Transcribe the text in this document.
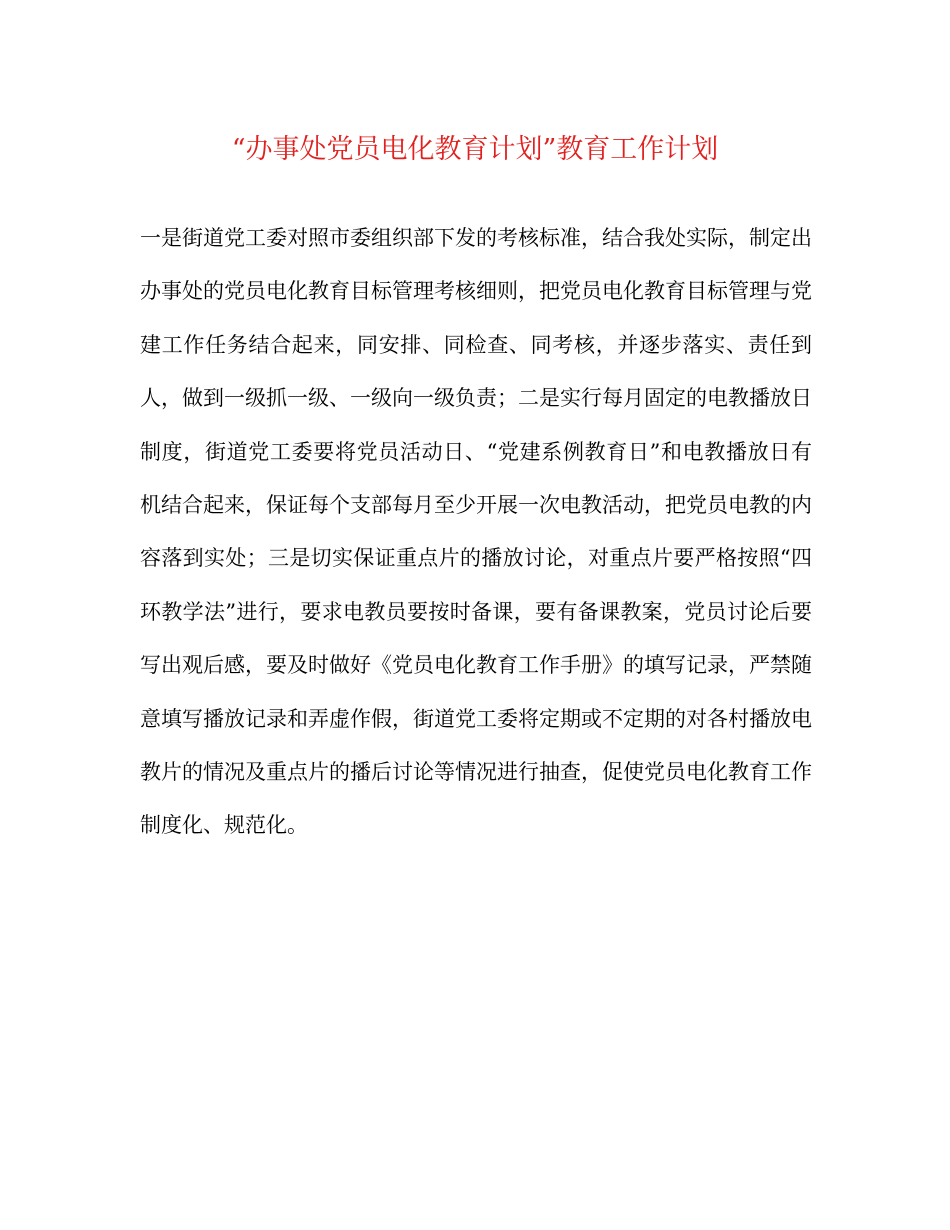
“办事处党员电化教育计划”教育工作计划

一是街道党工委对照市委组织部下发的考核标准，结合我处实际，制定出办事处的党员电化教育目标管理考核细则，把党员电化教育目标管理与党建工作任务结合起来，同安排、同检查、同考核，并逐步落实、责任到人，做到一级抓一级、一级向一级负责；二是实行每月固定的电教播放日制度，街道党工委要将党员活动日、“党建系例教育日”和电教播放日有机结合起来，保证每个支部每月至少开展一次电教活动，把党员电教的内容落到实处；三是切实保证重点片的播放讨论，对重点片要严格按照“四环教学法”进行，要求电教员要按时备课，要有备课教案，党员讨论后要写出观后感，要及时做好《党员电化教育工作手册》的填写记录，严禁随意填写播放记录和弄虚作假，街道党工委将定期或不定期的对各村播放电教片的情况及重点片的播后讨论等情况进行抽查，促使党员电化教育工作制度化、规范化。
